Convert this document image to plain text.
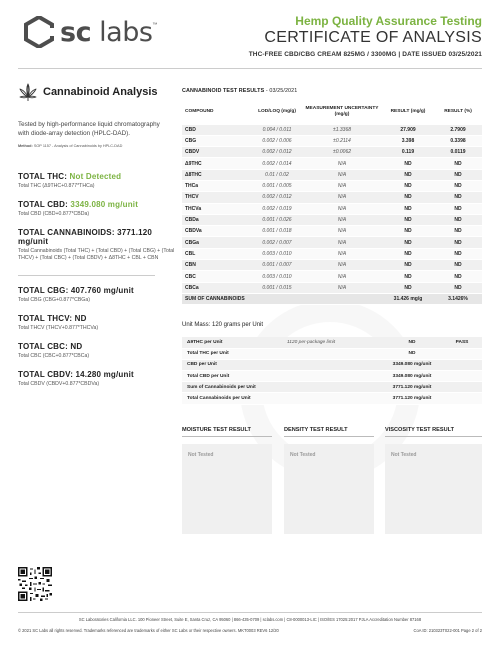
sc labs ™	Hemp Quality Assurance Testing
CERTIFICATE OF ANALYSIS
THC-FREE CBD/CBG CREAM 825MG / 3300MG | DATE ISSUED 03/25/2021
Cannabinoid Analysis
Tested by high-performance liquid chromatography with diode-array detection (HPLC-DAD).
Method: SOP 1157 - Analysis of Cannabinoids by HPLC-DAD
TOTAL THC: Not Detected
Total THC (Δ9THC+0.877*THCa)
TOTAL CBD: 3349.080 mg/unit
Total CBD (CBD+0.877*CBDa)
TOTAL CANNABINOIDS: 3771.120 mg/unit
Total Cannabinoids (Total THC) + (Total CBD) + (Total CBG) + (Total THCV) + (Total CBC) + (Total CBDV) + Δ8THC + CBL + CBN
TOTAL CBG: 407.760 mg/unit
Total CBG (CBG+0.877*CBGa)
TOTAL THCV: ND
Total THCV (THCV+0.877*THCVa)
TOTAL CBC: ND
Total CBC (CBC+0.877*CBCa)
TOTAL CBDV: 14.280 mg/unit
Total CBDV (CBDV+0.877*CBDVa)
CANNABINOID TEST RESULTS - 03/25/2021
COMPOUND	LOD/LOQ (mg/g)	MEASUREMENT UNCERTAINTY (mg/g)	RESULT (mg/g)	RESULT (%)
CBD	0.004 / 0.011	±1.3368	27.909	2.7909
CBG	0.002 / 0.006	±0.2114	3.398	0.3398
CBDV	0.002 / 0.012	±0.0062	0.119	0.0119
Δ9THC	0.002 / 0.014	N/A	ND	ND
Δ8THC	0.01 / 0.02	N/A	ND	ND
THCa	0.001 / 0.005	N/A	ND	ND
THCV	0.002 / 0.012	N/A	ND	ND
THCVa	0.002 / 0.019	N/A	ND	ND
CBDa	0.001 / 0.026	N/A	ND	ND
CBDVa	0.001 / 0.018	N/A	ND	ND
CBGa	0.002 / 0.007	N/A	ND	ND
CBL	0.003 / 0.010	N/A	ND	ND
CBN	0.001 / 0.007	N/A	ND	ND
CBC	0.003 / 0.010	N/A	ND	ND
CBCa	0.001 / 0.015	N/A	ND	ND
SUM OF CANNABINOIDS			31.426 mg/g	3.1426%
Unit Mass: 120 grams per Unit
Δ9THC per Unit	1120 per-package limit	ND	PASS
Total THC per Unit		ND	
CBD per Unit		3349.080 mg/unit	
Total CBD per Unit		3349.080 mg/unit	
Sum of Cannabinoids per Unit		3771.120 mg/unit	
Total Cannabinoids per Unit		3771.120 mg/unit	
MOISTURE TEST RESULT
Not Tested
DENSITY TEST RESULT
Not Tested
VISCOSITY TEST RESULT
Not Tested
SC Laboratories California LLC. 100 Pioneer Street, Suite E, Santa Cruz, CA 95060 | 866-435-0709 | sclabs.com | C8-0000013-LIC | ISO/IES 17025:2017 PJLA Accreditation Number 87168
© 2021 SC Labs all rights reserved. Trademarks referenced are trademarks of either SC Labs or their respective owners. MKT0003 REV6 12/20	CoA ID: 210323T022-001 Page 2 of 2
